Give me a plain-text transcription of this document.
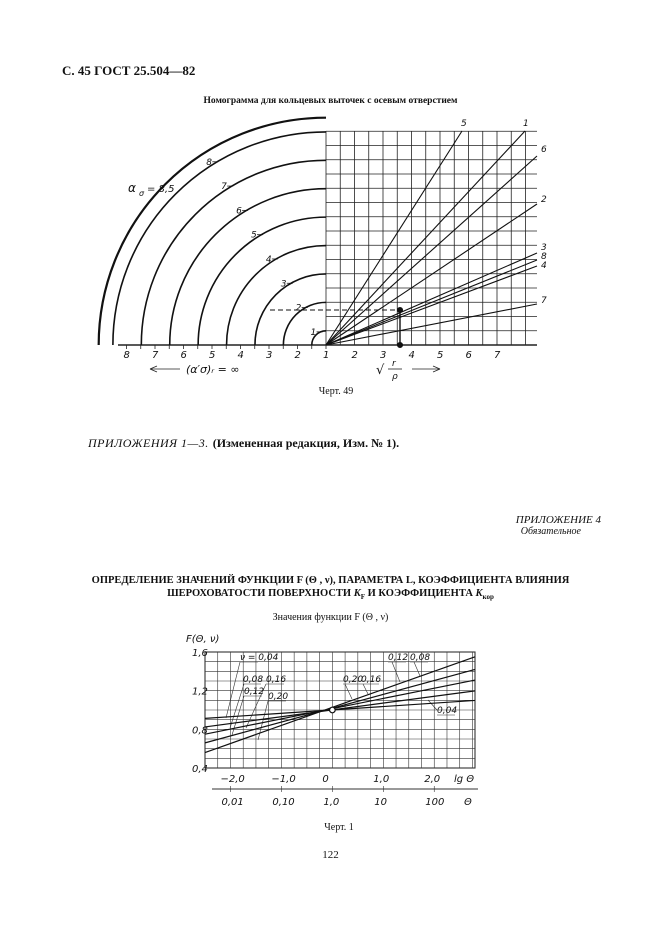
С. 45 ГОСТ 25.504—82
Номограмма для кольцевых выточек с осевым отверстием
1
2
3
4
5
6
7
8
α σ = 8,5
8 7 6 5 4 3 2 1 2 3 4 5 6 7
(α′σ)ᵣ = ∞	√ r
ρ
5	1
6
2
3
8
4
7
Черт. 49
ПРИЛОЖЕНИЯ 1—3. (Измененная редакция, Изм. № 1).
ПРИЛОЖЕНИЕ 4
Обязательное
ОПРЕДЕЛЕНИЕ ЗНАЧЕНИЙ ФУНКЦИИ F (Θ , ν), ПАРАМЕТРА L, КОЭФФИЦИЕНТА ВЛИЯНИЯ
ШЕРОХОВАТОСТИ ПОВЕРХНОСТИ $K_F$ И КОЭФФИЦИЕНТА $K_{кор}$
Значения функции F (Θ , ν)
1,6
1,2
0,8
0,4
F(Θ, ν)
−2,0	−1,0	0	1,0	2,0 lg Θ
0,01	0,10	1,0	10	100 Θ
ν = 0,04
0,08 0,16
0,12 0,20
0,20
0,16
0,12 0,08
0,04
Черт. 1
122
